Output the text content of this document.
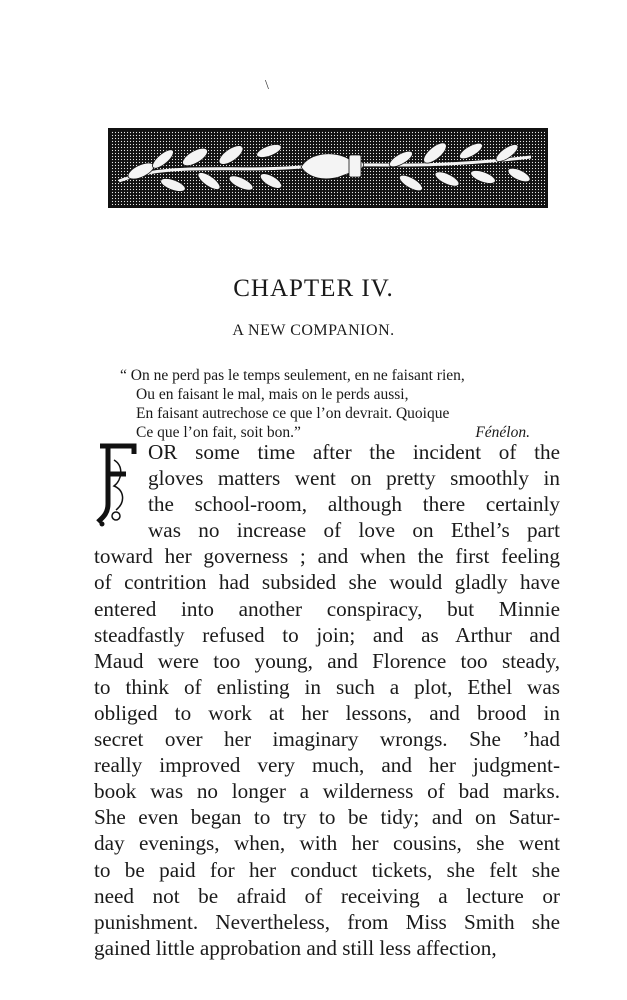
\
CHAPTER IV.
A NEW COMPANION.
“ On ne perd pas le temps seulement, en ne faisant rien,
Ou en faisant le mal, mais on le perds aussi,
En faisant autrechose ce que l’on devrait. Quoique
Ce que l’on fait, soit bon.”	Fénélon.
OR some time after the incident of the
gloves matters went on pretty smoothly in
the school-room, although there certainly
was no increase of love on Ethel’s part
toward her governess ; and when the first feeling
of contrition had subsided she would gladly have
entered into another conspiracy, but Minnie
steadfastly refused to join; and as Arthur and
Maud were too young, and Florence too steady,
to think of enlisting in such a plot, Ethel was
obliged to work at her lessons, and brood in
secret over her imaginary wrongs. She ’had
really improved very much, and her judgment-
book was no longer a wilderness of bad marks.
She even began to try to be tidy; and on Satur-
day evenings, when, with her cousins, she went
to be paid for her conduct tickets, she felt she
need not be afraid of receiving a lecture or
punishment. Nevertheless, from Miss Smith she
gained little approbation and still less affection,
